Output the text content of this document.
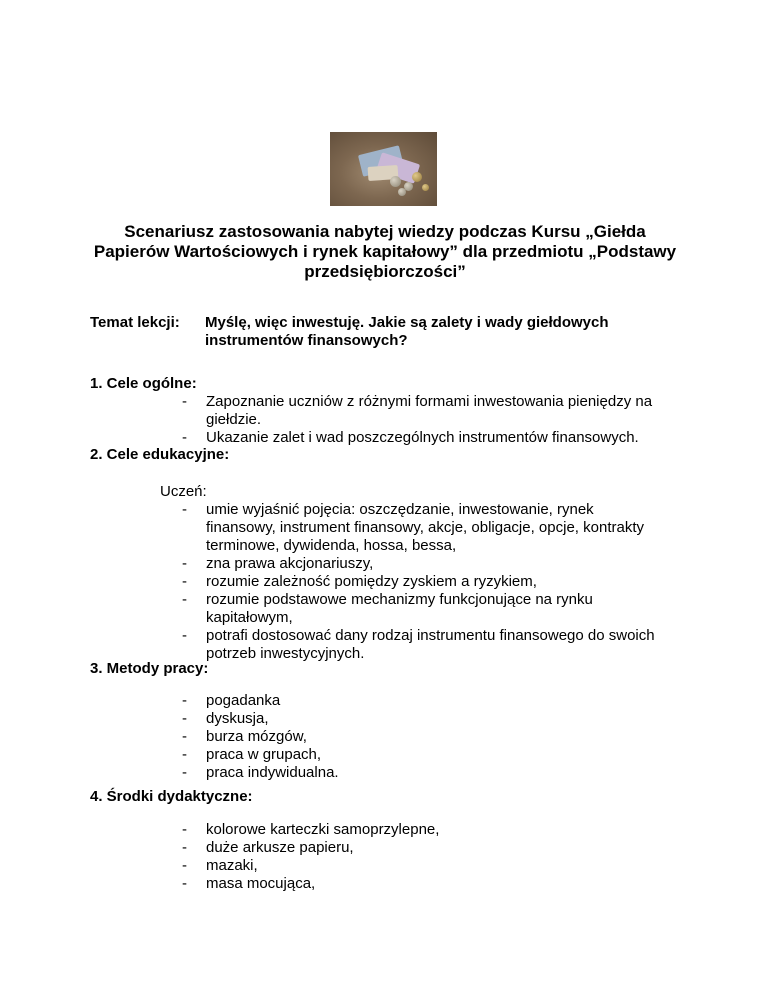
Scenariusz zastosowania nabytej wiedzy podczas Kursu „Giełda Papierów Wartościowych i rynek kapitałowy” dla przedmiotu „Podstawy przedsiębiorczości”
Temat lekcji: Myślę, więc inwestuję. Jakie są zalety i wady giełdowych instrumentów finansowych?
1. Cele ogólne:
- Zapoznanie uczniów z różnymi formami inwestowania pieniędzy na giełdzie.
- Ukazanie zalet i wad poszczególnych instrumentów finansowych.
2. Cele edukacyjne:
Uczeń:
- umie wyjaśnić pojęcia: oszczędzanie, inwestowanie, rynek finansowy, instrument finansowy, akcje, obligacje, opcje, kontrakty terminowe, dywidenda, hossa, bessa,
- zna prawa akcjonariuszy,
- rozumie zależność pomiędzy zyskiem a ryzykiem,
- rozumie podstawowe mechanizmy funkcjonujące na rynku kapitałowym,
- potrafi dostosować dany rodzaj instrumentu finansowego do swoich potrzeb inwestycyjnych.
3. Metody pracy:
- pogadanka
- dyskusja,
- burza mózgów,
- praca w grupach,
- praca indywidualna.
4. Środki dydaktyczne:
- kolorowe karteczki samoprzylepne,
- duże arkusze papieru,
- mazaki,
- masa mocująca,
